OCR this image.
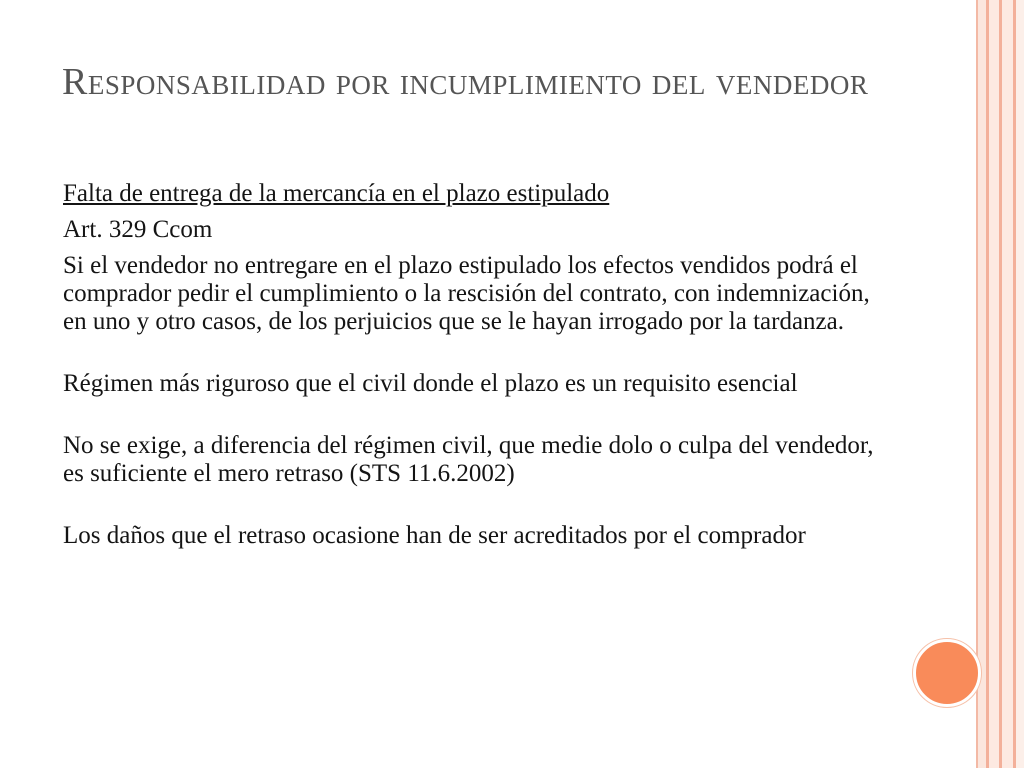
Responsabilidad por incumplimiento del vendedor

Falta de entrega de la mercancía en el plazo estipulado

Art. 329 Ccom

Si el vendedor no entregare en el plazo estipulado los efectos vendidos podrá el comprador pedir el cumplimiento o la rescisión del contrato, con indemnización, en uno y otro casos, de los perjuicios que se le hayan irrogado por la tardanza.

Régimen más riguroso que el civil donde el plazo es un requisito esencial

No se exige, a diferencia del régimen civil, que medie dolo o culpa del vendedor, es suficiente el mero retraso (STS 11.6.2002)

Los daños que el retraso ocasione han de ser acreditados por el comprador
